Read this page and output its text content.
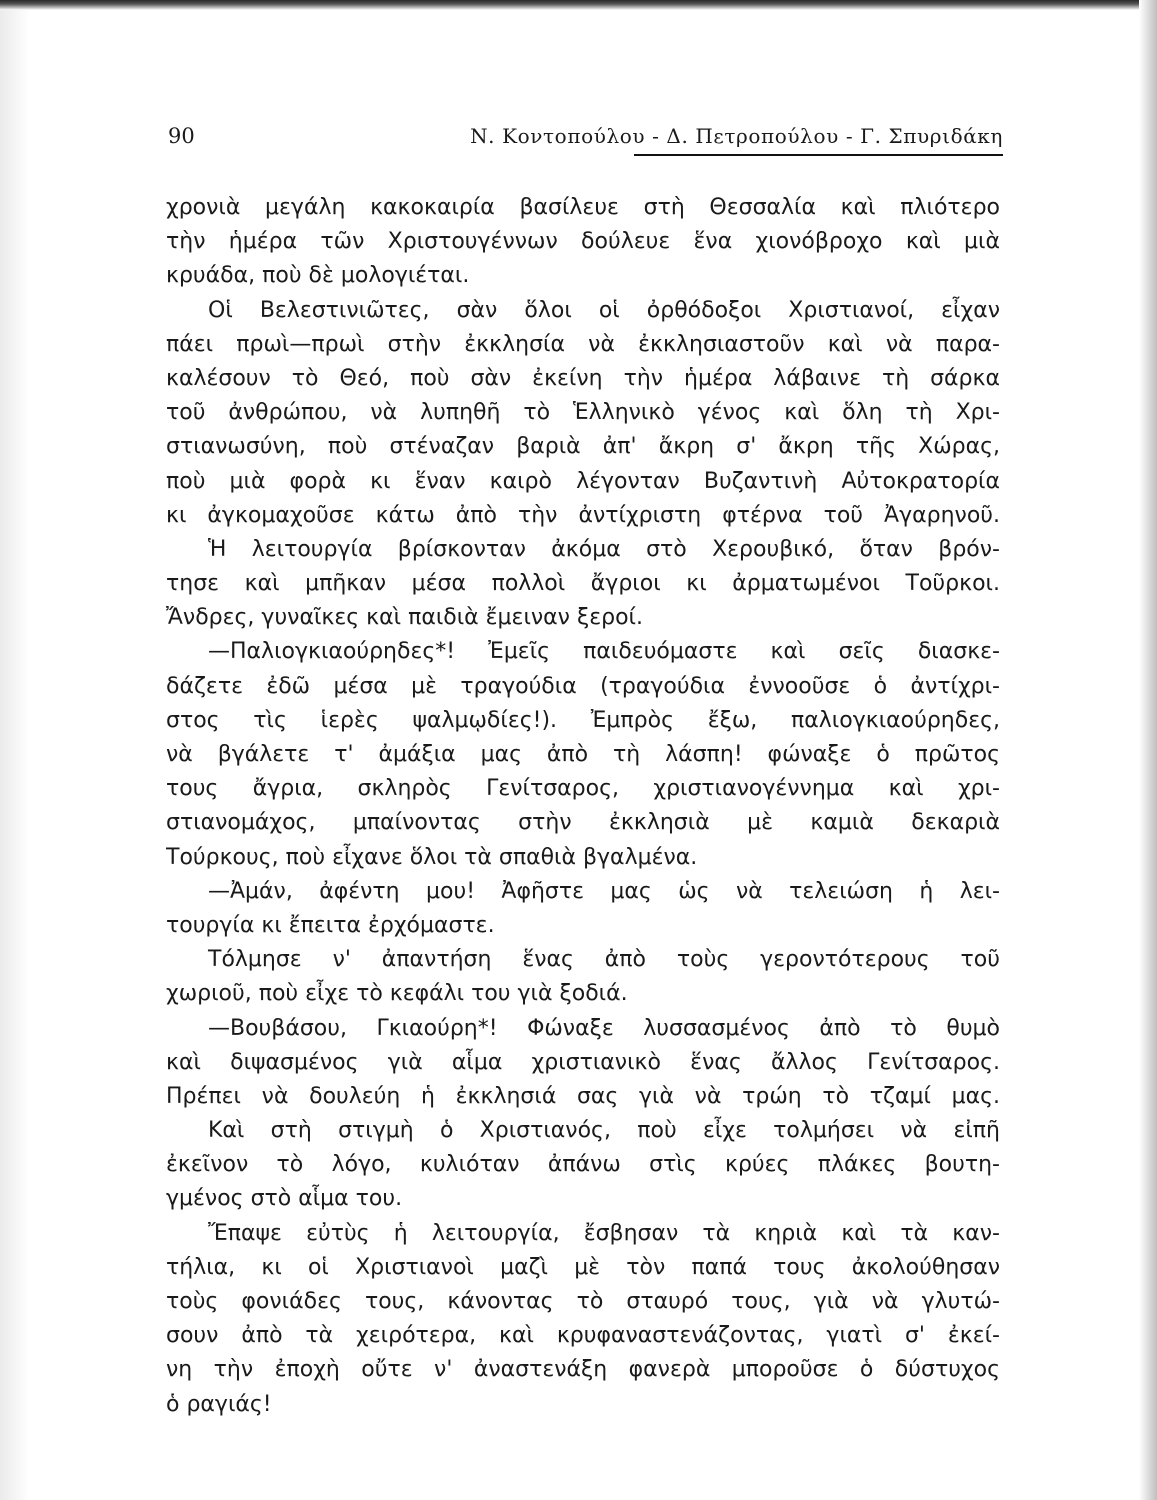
90	Ν. Κοντοπούλου - Δ. Πετροπούλου - Γ. Σπυριδάκη
χρονιὰ μεγάλη κακοκαιρία βασίλευε στὴ Θεσσαλία καὶ πλιότερο
τὴν ἡμέρα τῶν Χριστουγέννων δούλευε ἕνα χιονόβροχο καὶ μιὰ
κρυάδα, ποὺ δὲ μολογιέται.
Οἱ Βελεστινιῶτες, σὰν ὅλοι οἱ ὀρθόδοξοι Χριστιανοί, εἶχαν
πάει πρωὶ—πρωὶ στὴν ἐκκλησία νὰ ἐκκλησιαστοῦν καὶ νὰ παρα-
καλέσουν τὸ Θεό, ποὺ σὰν ἐκείνη τὴν ἡμέρα λάβαινε τὴ σάρκα
τοῦ ἀνθρώπου, νὰ λυπηθῆ τὸ Ἑλληνικὸ γένος καὶ ὅλη τὴ Χρι-
στιανωσύνη, ποὺ στέναζαν βαριὰ ἀπ' ἄκρη σ' ἄκρη τῆς Χώρας,
ποὺ μιὰ φορὰ κι ἕναν καιρὸ λέγονταν Βυζαντινὴ Αὐτοκρατορία
κι ἀγκομαχοῦσε κάτω ἀπὸ τὴν ἀντίχριστη φτέρνα τοῦ Ἀγαρηνοῦ.
Ἡ λειτουργία βρίσκονταν ἀκόμα στὸ Χερουβικό, ὅταν βρόν-
τησε καὶ μπῆκαν μέσα πολλοὶ ἄγριοι κι ἀρματωμένοι Τοῦρκοι.
Ἄνδρες, γυναῖκες καὶ παιδιὰ ἔμειναν ξεροί.
—Παλιογκιαούρηδες*! Ἐμεῖς παιδευόμαστε καὶ σεῖς διασκε-
δάζετε ἐδῶ μέσα μὲ τραγούδια (τραγούδια ἐννοοῦσε ὁ ἀντίχρι-
στος τὶς ἱερὲς ψαλμῳδίες!). Ἐμπρὸς ἔξω, παλιογκιαούρηδες,
νὰ βγάλετε τ' ἀμάξια μας ἀπὸ τὴ λάσπη! φώναξε ὁ πρῶτος
τους ἄγρια, σκληρὸς Γενίτσαρος, χριστιανογέννημα καὶ χρι-
στιανομάχος, μπαίνοντας στὴν ἐκκλησιὰ μὲ καμιὰ δεκαριὰ
Τούρκους, ποὺ εἶχανε ὅλοι τὰ σπαθιὰ βγαλμένα.
—Ἀμάν, ἀφέντη μου! Ἀφῆστε μας ὡς νὰ τελειώση ἡ λει-
τουργία κι ἔπειτα ἐρχόμαστε.
Τόλμησε ν' ἀπαντήση ἕνας ἀπὸ τοὺς γεροντότερους τοῦ
χωριοῦ, ποὺ εἶχε τὸ κεφάλι του γιὰ ξοδιά.
—Βουβάσου, Γκιαούρη*! Φώναξε λυσσασμένος ἀπὸ τὸ θυμὸ
καὶ διψασμένος γιὰ αἷμα χριστιανικὸ ἕνας ἄλλος Γενίτσαρος.
Πρέπει νὰ δουλεύη ἡ ἐκκλησιά σας γιὰ νὰ τρώη τὸ τζαμί μας.
Καὶ στὴ στιγμὴ ὁ Χριστιανός, ποὺ εἶχε τολμήσει νὰ εἰπῆ
ἐκεῖνον τὸ λόγο, κυλιόταν ἀπάνω στὶς κρύες πλάκες βουτη-
γμένος στὸ αἷμα του.
Ἔπαψε εὐτὺς ἡ λειτουργία, ἔσβησαν τὰ κηριὰ καὶ τὰ καν-
τήλια, κι οἱ Χριστιανοὶ μαζὶ μὲ τὸν παπά τους ἀκολούθησαν
τοὺς φονιάδες τους, κάνοντας τὸ σταυρό τους, γιὰ νὰ γλυτώ-
σουν ἀπὸ τὰ χειρότερα, καὶ κρυφαναστενάζοντας, γιατὶ σ' ἐκεί-
νη τὴν ἐποχὴ οὔτε ν' ἀναστενάξη φανερὰ μποροῦσε ὁ δύστυχος
ὁ ραγιάς!
